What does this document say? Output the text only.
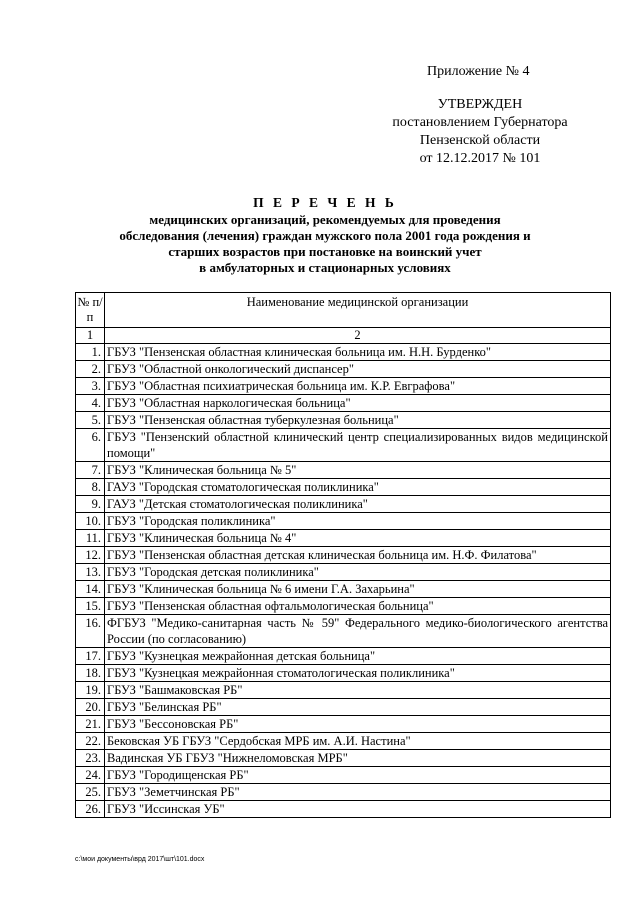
Приложение № 4
УТВЕРЖДЕН
постановлением Губернатора
Пензенской области
от 12.12.2017 № 101
П Е Р Е Ч Е Н Ь
медицинских организаций, рекомендуемых для проведения
обследования (лечения) граждан мужского пола 2001 года рождения и
старших возрастов при постановке на воинский учет
в амбулаторных и стационарных условиях
№ п/п	Наименование медицинской организации
1	2
1.	ГБУЗ "Пензенская областная клиническая больница им. Н.Н. Бурденко"
2.	ГБУЗ "Областной онкологический диспансер"
3.	ГБУЗ "Областная психиатрическая больница им. К.Р. Евграфова"
4.	ГБУЗ "Областная наркологическая больница"
5.	ГБУЗ "Пензенская областная туберкулезная больница"
6.	ГБУЗ "Пензенский областной клинический центр специализированных видов медицинской помощи"
7.	ГБУЗ "Клиническая больница № 5"
8.	ГАУЗ "Городская стоматологическая поликлиника"
9.	ГАУЗ "Детская стоматологическая поликлиника"
10.	ГБУЗ "Городская поликлиника"
11.	ГБУЗ "Клиническая больница № 4"
12.	ГБУЗ "Пензенская областная детская клиническая больница им. Н.Ф. Филатова"
13.	ГБУЗ "Городская детская поликлиника"
14.	ГБУЗ "Клиническая больница № 6 имени Г.А. Захарьина"
15.	ГБУЗ "Пензенская областная офтальмологическая больница"
16.	ФГБУЗ "Медико-санитарная часть № 59" Федерального медико-биологического агентства России (по согласованию)
17.	ГБУЗ "Кузнецкая межрайонная детская больница"
18.	ГБУЗ "Кузнецкая межрайонная стоматологическая поликлиника"
19.	ГБУЗ "Башмаковская РБ"
20.	ГБУЗ "Белинская РБ"
21.	ГБУЗ "Бессоновская РБ"
22.	Бековская УБ ГБУЗ "Сердобская МРБ им. А.И. Настина"
23.	Вадинская УБ ГБУЗ "Нижнеломовская МРБ"
24.	ГБУЗ "Городищенская РБ"
25.	ГБУЗ "Земетчинская РБ"
26.	ГБУЗ "Иссинская УБ"
c:\мои документы\врд 2017\шт\101.docx
